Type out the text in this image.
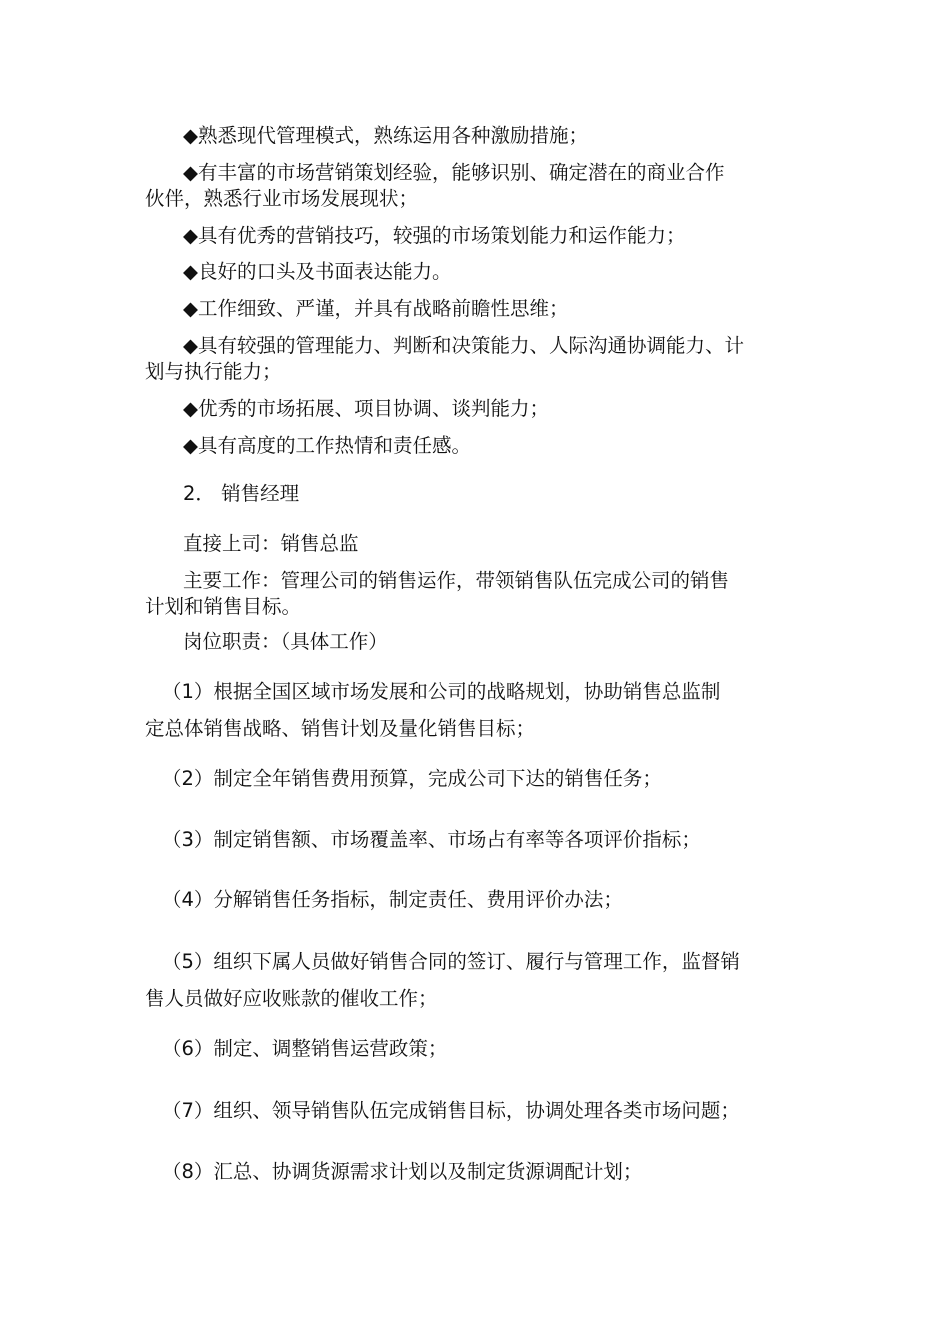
◆熟悉现代管理模式，熟练运用各种激励措施；
◆有丰富的市场营销策划经验，能够识别、确定潜在的商业合作
伙伴，熟悉行业市场发展现状；
◆具有优秀的营销技巧，较强的市场策划能力和运作能力；
◆良好的口头及书面表达能力。
◆工作细致、严谨，并具有战略前瞻性思维；
◆具有较强的管理能力、判断和决策能力、人际沟通协调能力、计
划与执行能力；
◆优秀的市场拓展、项目协调、谈判能力；
◆具有高度的工作热情和责任感。
2． 销售经理
直接上司：销售总监
主要工作：管理公司的销售运作，带领销售队伍完成公司的销售
计划和销售目标。
岗位职责：（具体工作）
（1）根据全国区域市场发展和公司的战略规划，协助销售总监制
定总体销售战略、销售计划及量化销售目标；
（2）制定全年销售费用预算，完成公司下达的销售任务；
（3）制定销售额、市场覆盖率、市场占有率等各项评价指标；
（4）分解销售任务指标，制定责任、费用评价办法；
（5）组织下属人员做好销售合同的签订、履行与管理工作，监督销
售人员做好应收账款的催收工作；
（6）制定、调整销售运营政策；
（7）组织、领导销售队伍完成销售目标，协调处理各类市场问题；
（8）汇总、协调货源需求计划以及制定货源调配计划；
